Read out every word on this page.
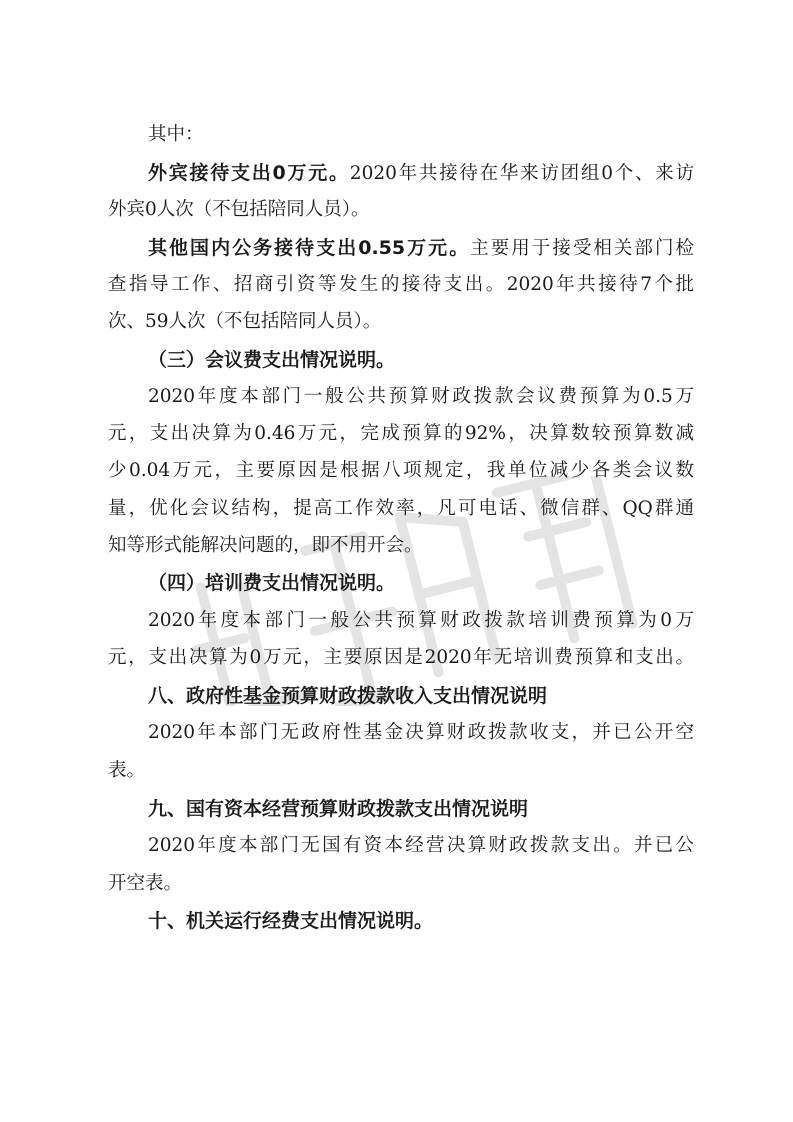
其中：
外宾接待支出0万元。2020年共接待在华来访团组0个、来访
外宾0人次（不包括陪同人员）。
其他国内公务接待支出0.55万元。主要用于接受相关部门检
查指导工作、招商引资等发生的接待支出。2020年共接待7个批
次、59人次（不包括陪同人员）。
（三）会议费支出情况说明。
2020年度本部门一般公共预算财政拨款会议费预算为0.5万
元，支出决算为0.46万元，完成预算的92%，决算数较预算数减
少0.04万元，主要原因是根据八项规定，我单位减少各类会议数
量，优化会议结构，提高工作效率，凡可电话、微信群、QQ群通
知等形式能解决问题的，即不用开会。
（四）培训费支出情况说明。
2020年度本部门一般公共预算财政拨款培训费预算为0万
元，支出决算为0万元，主要原因是2020年无培训费预算和支出。
八、政府性基金预算财政拨款收入支出情况说明
2020年本部门无政府性基金决算财政拨款收支，并已公开空
表。
九、国有资本经营预算财政拨款支出情况说明
2020年度本部门无国有资本经营决算财政拨款支出。并已公
开空表。
十、机关运行经费支出情况说明。
